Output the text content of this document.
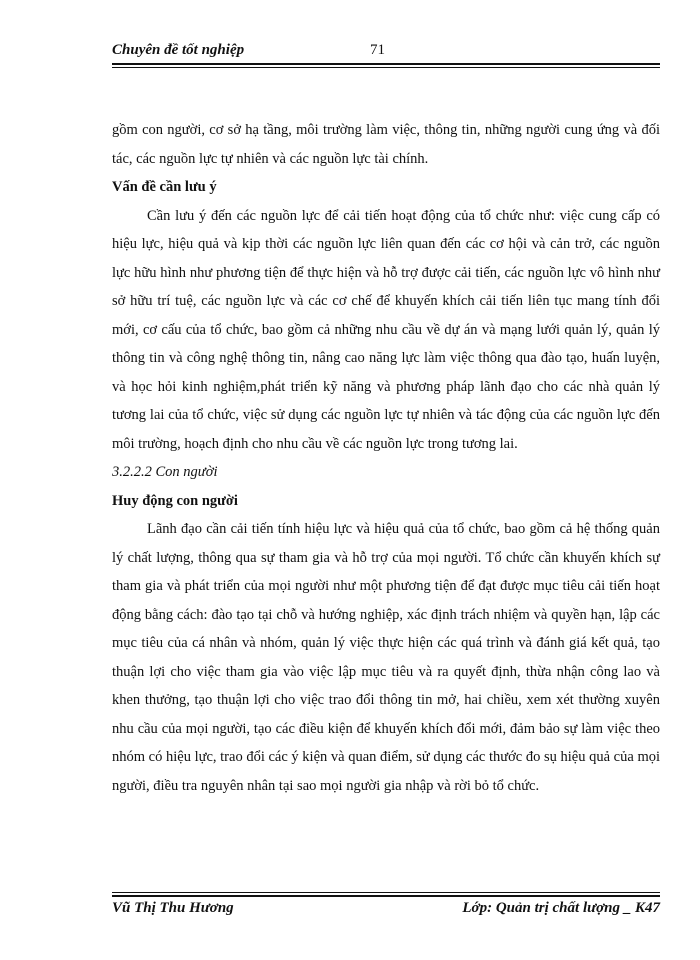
Chuyên đề tốt nghiệp	71

gồm con người, cơ sở hạ tầng, môi trường làm việc, thông tin, những người cung ứng và đối tác, các nguồn lực tự nhiên và các nguồn lực tài chính.

Vấn đề cần lưu ý

Cần lưu ý đến các nguồn lực để cải tiến hoạt động của tổ chức như: việc cung cấp có hiệu lực, hiệu quả và kịp thời các nguồn lực liên quan đến các cơ hội và cản trở, các nguồn lực hữu hình như phương tiện để thực hiện và hỗ trợ được cải tiến, các nguồn lực vô hình như sở hữu trí tuệ, các nguồn lực và các cơ chế để khuyến khích cải tiến liên tục mang tính đổi mới, cơ cấu của tổ chức, bao gồm cả những nhu cầu về dự án và mạng lưới quản lý, quản lý thông tin và công nghệ thông tin, nâng cao năng lực làm việc thông qua đào tạo, huấn luyện, và học hỏi kinh nghiệm,phát triển kỹ năng và phương pháp lãnh đạo cho các nhà quản lý tương lai của tổ chức, việc sử dụng các nguồn lực tự nhiên và tác động của các nguồn lực đến môi trường, hoạch định cho nhu cầu về các nguồn lực trong tương lai.

3.2.2.2 Con người

Huy động con người

Lãnh đạo cần cải tiến tính hiệu lực và hiệu quả của tổ chức, bao gồm cả hệ thống quản lý chất lượng, thông qua sự tham gia và hỗ trợ của mọi người. Tổ chức cần khuyến khích sự tham gia và phát triển của mọi người như một phương tiện để đạt được mục tiêu cải tiến hoạt động bằng cách: đào tạo tại chỗ và hướng nghiệp, xác định trách nhiệm và quyền hạn, lập các mục tiêu của cá nhân và nhóm, quản lý việc thực hiện các quá trình và đánh giá kết quả, tạo thuận lợi cho việc tham gia vào việc lập mục tiêu và ra quyết định, thừa nhận công lao và khen thưởng, tạo thuận lợi cho việc trao đổi thông tin mở, hai chiều, xem xét thường xuyên nhu cầu của mọi người, tạo các điều kiện để khuyến khích đổi mới, đảm bảo sự làm việc theo nhóm có hiệu lực, trao đổi các ý kiện và quan điểm, sử dụng các thước đo sụ hiệu quả của mọi người, điều tra nguyên nhân tại sao mọi người gia nhập và rời bỏ tổ chức.

Vũ Thị Thu Hương	Lớp: Quản trị chất lượng _ K47
